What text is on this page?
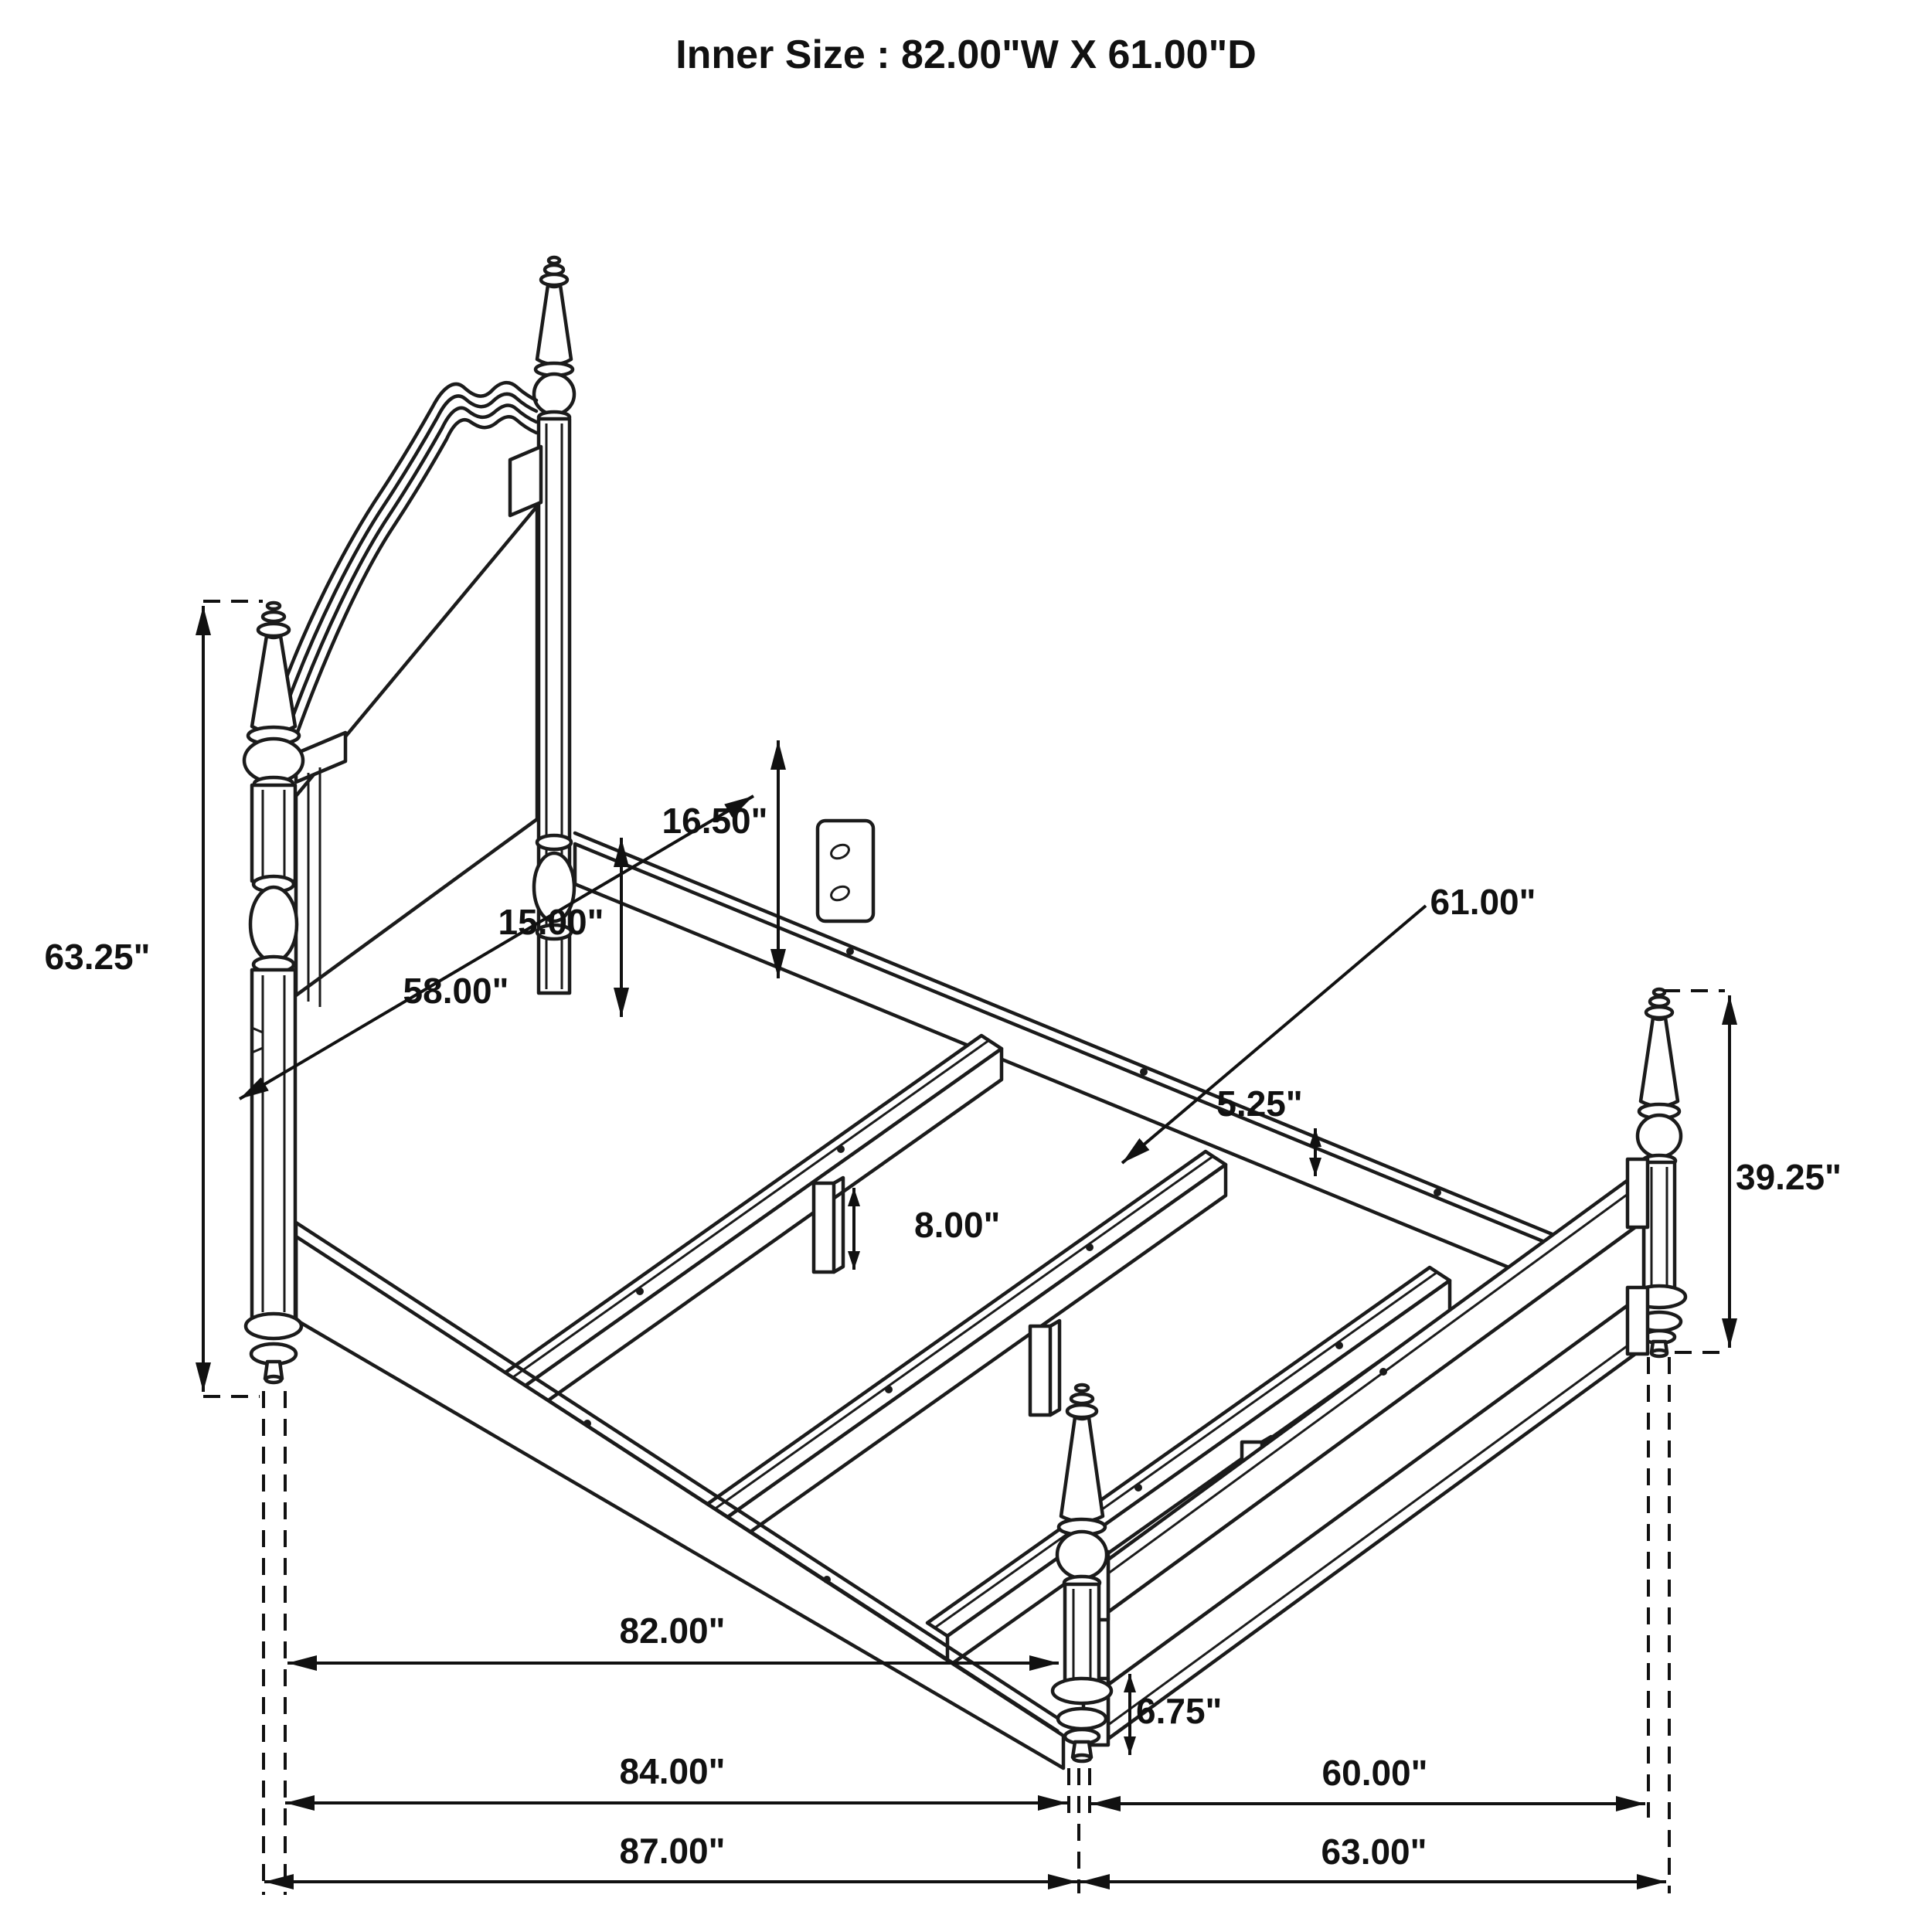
Inner Size : 82.00"W X 61.00"D
63.25"
58.00"
15.00"
16.50"
61.00"
5.25"
8.00"
39.25"
6.75"
82.00"
84.00"
87.00"
60.00"
63.00"
